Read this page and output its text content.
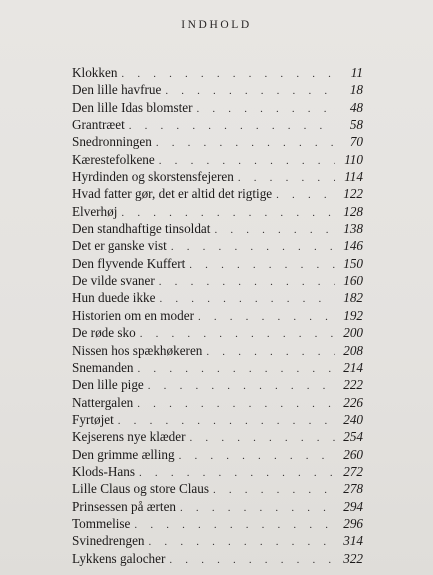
INDHOLD
Klokken . . .	11
Den lille havfrue . . .	18
Den lille Idas blomster . . .	48
Grantræet . . .	58
Snedronningen . . .	70
Kærestefolkene . . .	110
Hyrdinden og skorstensfejeren . . .	114
Hvad fatter gør, det er altid det rigtige . . .	122
Elverhøj . . .	128
Den standhaftige tinsoldat . . .	138
Det er ganske vist . . .	146
Den flyvende Kuffert . . .	150
De vilde svaner . . .	160
Hun duede ikke . . .	182
Historien om en moder . . .	192
De røde sko . . .	200
Nissen hos spækhøkeren . . .	208
Snemanden . . .	214
Den lille pige . . .	222
Nattergalen . . .	226
Fyrtøjet . . .	240
Kejserens nye klæder . . .	254
Den grimme ælling . . .	260
Klods-Hans . . .	272
Lille Claus og store Claus . . .	278
Prinsessen på ærten . . .	294
Tommelise . . .	296
Svinedrengen . . .	314
Lykkens galocher . . .	322
